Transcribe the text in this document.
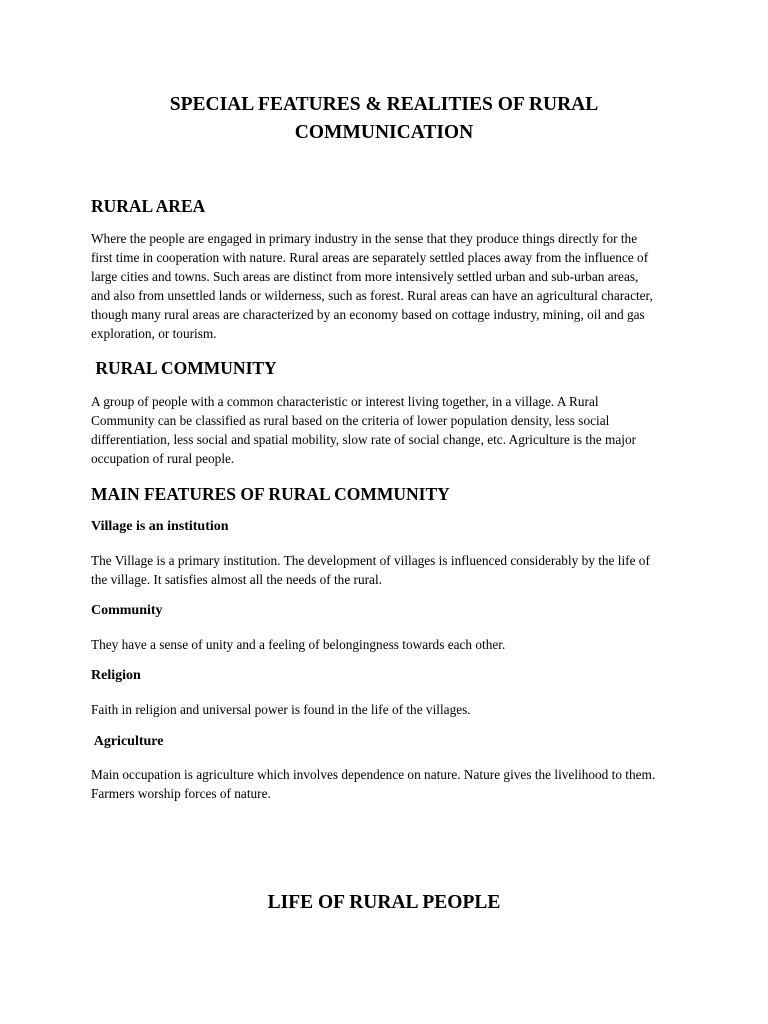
SPECIAL FEATURES & REALITIES OF RURAL
COMMUNICATION
RURAL AREA

Where the people are engaged in primary industry in the sense that they produce things directly for the
first time in cooperation with nature. Rural areas are separately settled places away from the influence of
large cities and towns. Such areas are distinct from more intensively settled urban and sub-urban areas,
and also from unsettled lands or wilderness, such as forest. Rural areas can have an agricultural character,
though many rural areas are characterized by an economy based on cottage industry, mining, oil and gas
exploration, or tourism.

RURAL COMMUNITY

A group of people with a common characteristic or interest living together, in a village. A Rural
Community can be classified as rural based on the criteria of lower population density, less social
differentiation, less social and spatial mobility, slow rate of social change, etc. Agriculture is the major
occupation of rural people.

MAIN FEATURES OF RURAL COMMUNITY
Village is an institution

The Village is a primary institution. The development of villages is influenced considerably by the life of
the village. It satisfies almost all the needs of the rural.

Community

They have a sense of unity and a feeling of belongingness towards each other.

Religion

Faith in religion and universal power is found in the life of the villages.

Agriculture

Main occupation is agriculture which involves dependence on nature. Nature gives the livelihood to them.
Farmers worship forces of nature.

LIFE OF RURAL PEOPLE
